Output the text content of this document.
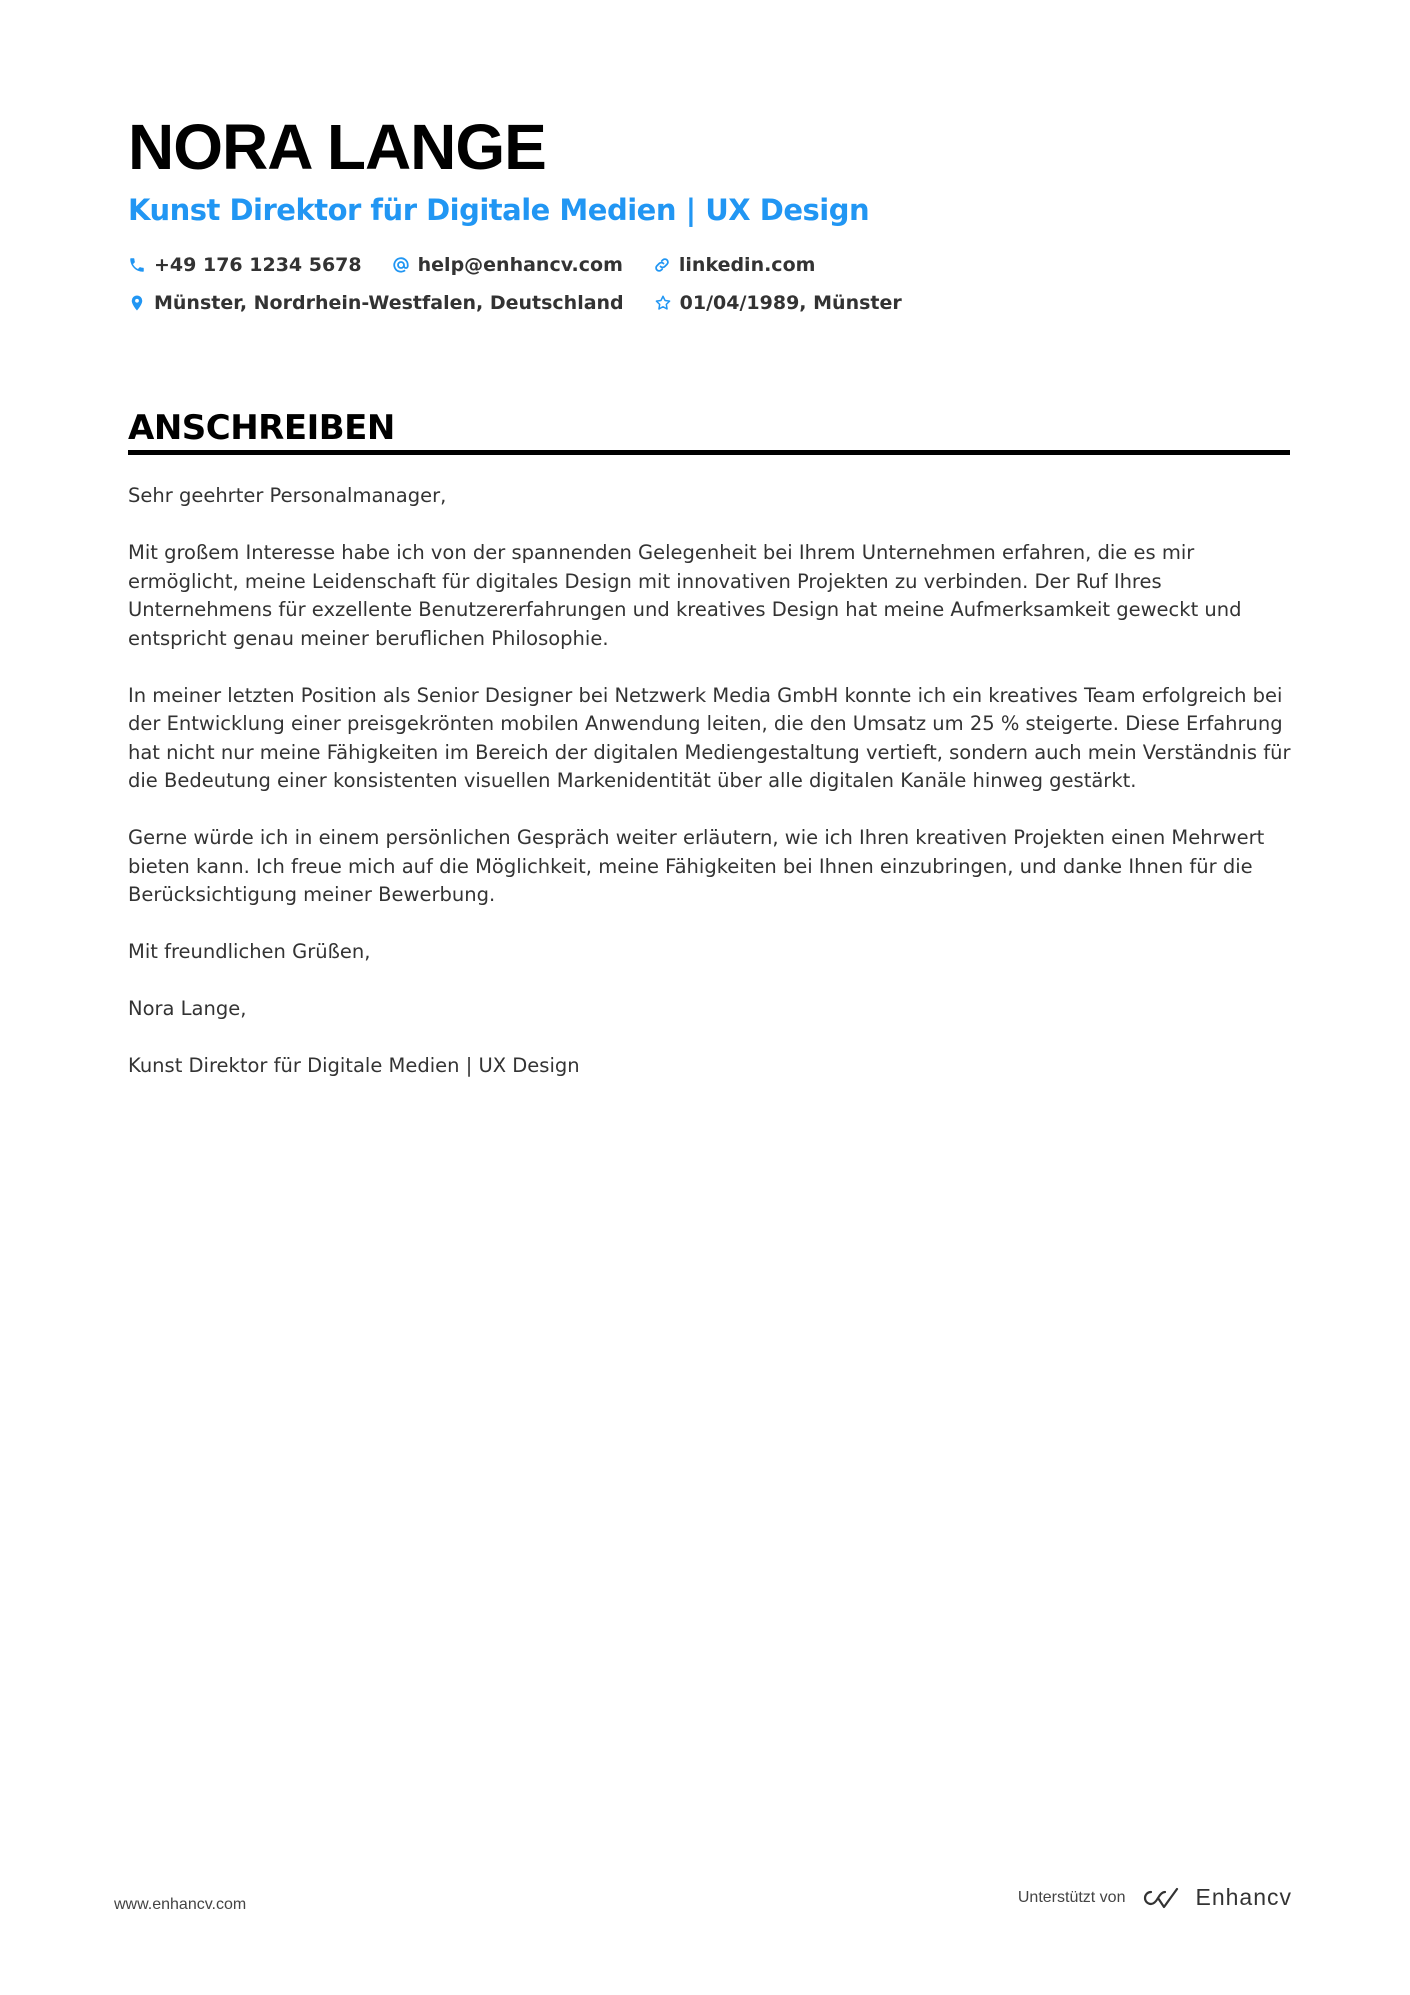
NORA LANGE
Kunst Direktor für Digitale Medien | UX Design
+49 176 1234 5678	help@enhancv.com	linkedin.com
Münster, Nordrhein-Westfalen, Deutschland	01/04/1989, Münster
ANSCHREIBEN

Sehr geehrter Personalmanager,

Mit großem Interesse habe ich von der spannenden Gelegenheit bei Ihrem Unternehmen erfahren, die es mir ermöglicht, meine Leidenschaft für digitales Design mit innovativen Projekten zu verbinden. Der Ruf Ihres Unternehmens für exzellente Benutzererfahrungen und kreatives Design hat meine Aufmerksamkeit geweckt und entspricht genau meiner beruflichen Philosophie.

In meiner letzten Position als Senior Designer bei Netzwerk Media GmbH konnte ich ein kreatives Team erfolgreich bei der Entwicklung einer preisgekrönten mobilen Anwendung leiten, die den Umsatz um 25 % steigerte. Diese Erfahrung hat nicht nur meine Fähigkeiten im Bereich der digitalen Mediengestaltung vertieft, sondern auch mein Verständnis für die Bedeutung einer konsistenten visuellen Markenidentität über alle digitalen Kanäle hinweg gestärkt.

Gerne würde ich in einem persönlichen Gespräch weiter erläutern, wie ich Ihren kreativen Projekten einen Mehrwert bieten kann. Ich freue mich auf die Möglichkeit, meine Fähigkeiten bei Ihnen einzubringen, und danke Ihnen für die Berücksichtigung meiner Bewerbung.

Mit freundlichen Grüßen,

Nora Lange,

Kunst Direktor für Digitale Medien | UX Design

www.enhancv.com	Unterstützt von	Enhancv
